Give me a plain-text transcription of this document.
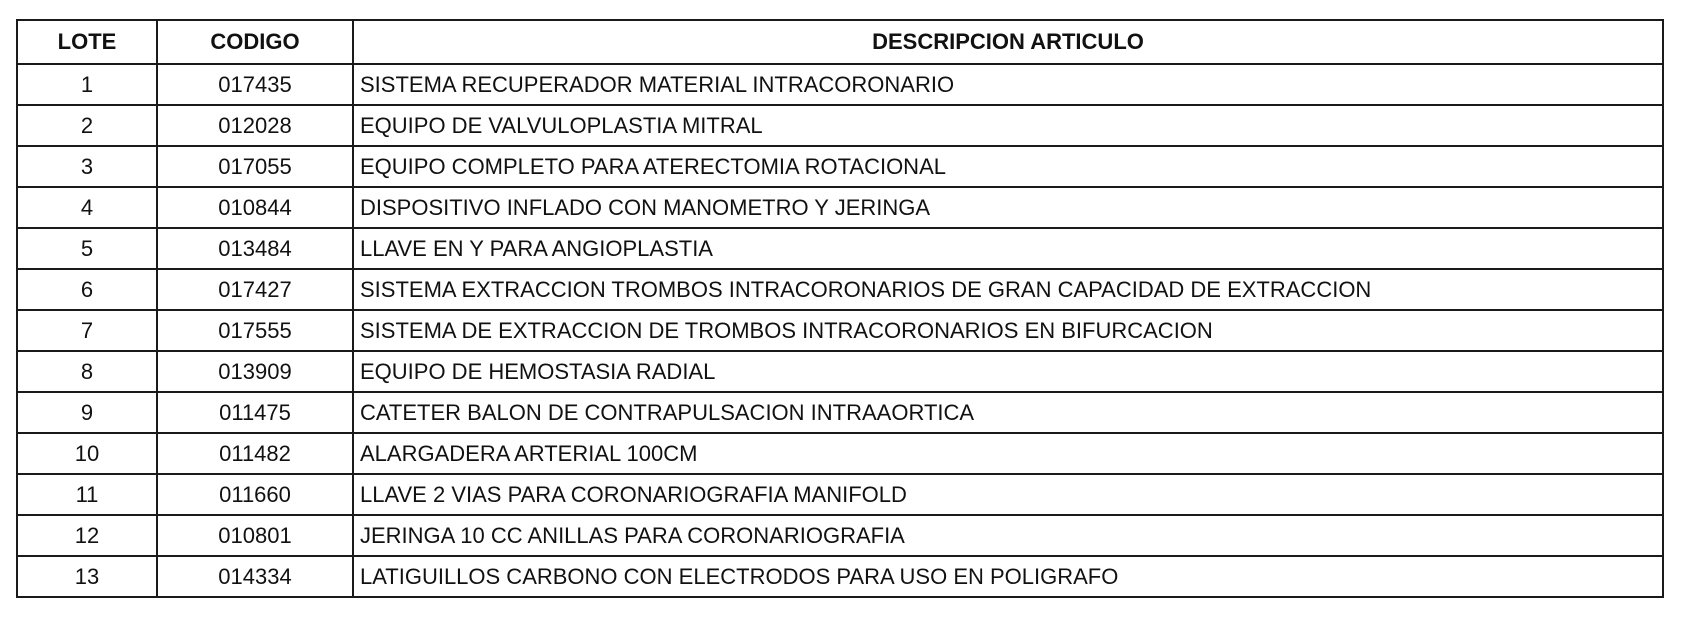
LOTE	CODIGO	DESCRIPCION ARTICULO
1	017435	SISTEMA RECUPERADOR MATERIAL INTRACORONARIO
2	012028	EQUIPO DE VALVULOPLASTIA MITRAL
3	017055	EQUIPO COMPLETO PARA ATERECTOMIA ROTACIONAL
4	010844	DISPOSITIVO INFLADO CON MANOMETRO Y JERINGA
5	013484	LLAVE EN Y PARA ANGIOPLASTIA
6	017427	SISTEMA EXTRACCION TROMBOS INTRACORONARIOS DE GRAN CAPACIDAD DE EXTRACCION
7	017555	SISTEMA DE EXTRACCION DE TROMBOS INTRACORONARIOS EN BIFURCACION
8	013909	EQUIPO DE HEMOSTASIA RADIAL
9	011475	CATETER BALON DE CONTRAPULSACION INTRAAORTICA
10	011482	ALARGADERA ARTERIAL 100CM
11	011660	LLAVE 2 VIAS PARA CORONARIOGRAFIA MANIFOLD
12	010801	JERINGA 10 CC ANILLAS PARA CORONARIOGRAFIA
13	014334	LATIGUILLOS CARBONO CON ELECTRODOS PARA USO EN POLIGRAFO
